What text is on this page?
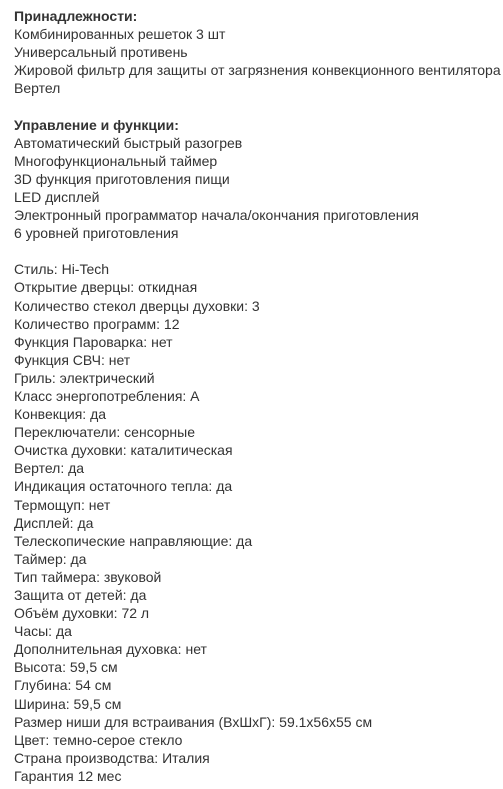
Принадлежности:
Комбинированных решеток 3 шт
Универсальный противень
Жировой фильтр для защиты от загрязнения конвекционного вентилятора
Вертел
Управление и функции:
Автоматический быстрый разогрев
Многофункциональный таймер
3D функция приготовления пищи
LED дисплей
Электронный программатор начала/окончания приготовления
6 уровней приготовления
Стиль: Hi-Tech
Открытие дверцы: откидная
Количество стекол дверцы духовки: 3
Количество программ: 12
Функция Пароварка: нет
Функция СВЧ: нет
Гриль: электрический
Класс энергопотребления: A
Конвекция: да
Переключатели: сенсорные
Очистка духовки: каталитическая
Вертел: да
Индикация остаточного тепла: да
Термощуп: нет
Дисплей: да
Телескопические направляющие: да
Таймер: да
Тип таймера: звуковой
Защита от детей: да
Объём духовки: 72 л
Часы: да
Дополнительная духовка: нет
Высота: 59,5 см
Глубина: 54 см
Ширина: 59,5 см
Размер ниши для встраивания (ВхШхГ): 59.1х56х55 см
Цвет: темно-серое стекло
Страна производства: Италия
Гарантия 12 мес
